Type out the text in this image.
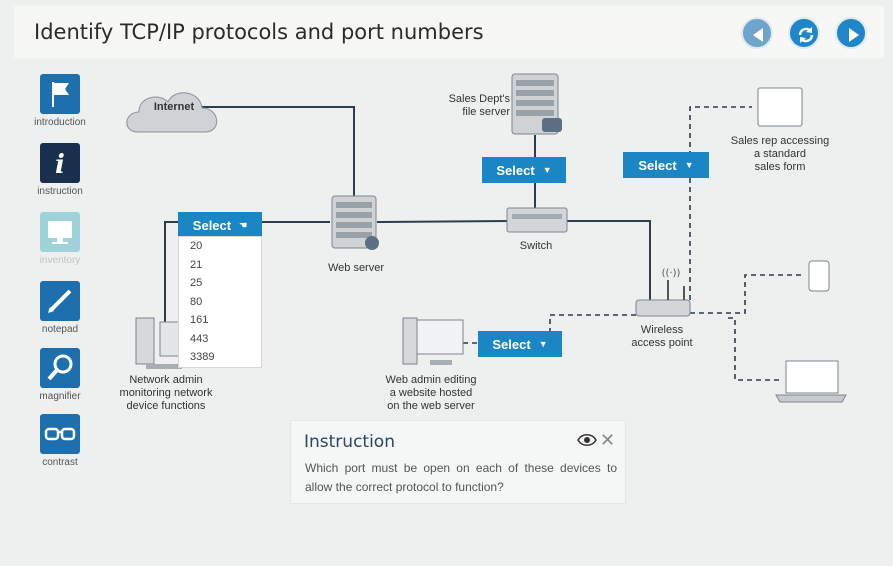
Identify TCP/IP protocols and port numbers
introduction
i
instruction
inventory
notepad
magnifier
contrast
((·))
Internet
Sales Dept's
file server
Switch
Web server
Sales rep accessing
a standard
sales form
Wireless
access point
Network admin
monitoring network
device functions
Web admin editing
a website hosted
on the web server
Select ▼	Select ▼
Select ☚
Select ▼
20
21
25
80
161
443
3389
Instruction	✕
Which port must be open on each of these devices to allow the correct protocol to function?
